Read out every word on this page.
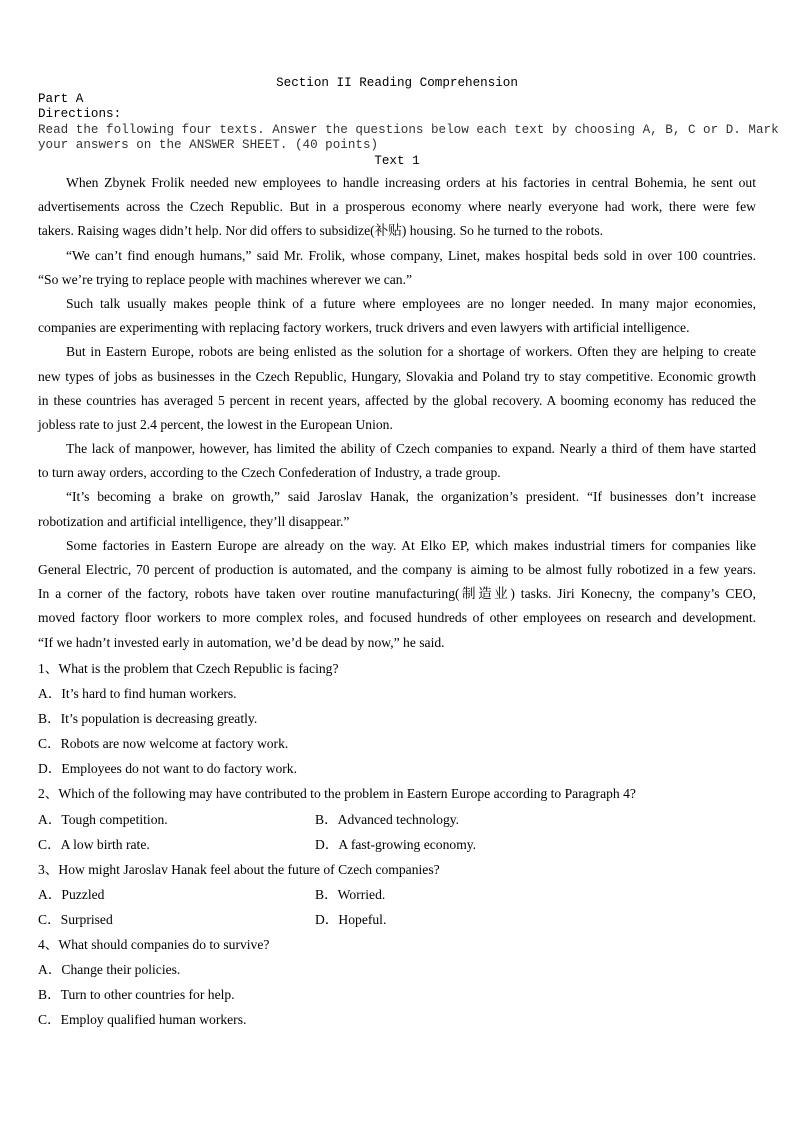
Section II Reading Comprehension
Part A
Directions:
Read the following four texts. Answer the questions below each text by choosing A, B, C or D. Mark
your answers on the ANSWER SHEET. (40 points)
Text 1
When Zbynek Frolik needed new employees to handle increasing orders at his factories in central Bohemia, he sent out
advertisements across the Czech Republic. But in a prosperous economy where nearly everyone had work, there were few
takers. Raising wages didn’t help. Nor did offers to subsidize(补贴) housing. So he turned to the robots.
“We can’t find enough humans,” said Mr. Frolik, whose company, Linet, makes hospital beds sold in over 100 countries.
“So we’re trying to replace people with machines wherever we can.”
Such talk usually makes people think of a future where employees are no longer needed. In many major economies,
companies are experimenting with replacing factory workers, truck drivers and even lawyers with artificial intelligence.
But in Eastern Europe, robots are being enlisted as the solution for a shortage of workers. Often they are helping to create
new types of jobs as businesses in the Czech Republic, Hungary, Slovakia and Poland try to stay competitive. Economic growth
in these countries has averaged 5 percent in recent years, affected by the global recovery. A booming economy has reduced the
jobless rate to just 2.4 percent, the lowest in the European Union.
The lack of manpower, however, has limited the ability of Czech companies to expand. Nearly a third of them have started
to turn away orders, according to the Czech Confederation of Industry, a trade group.
“It’s becoming a brake on growth,” said Jaroslav Hanak, the organization’s president. “If businesses don’t increase
robotization and artificial intelligence, they’ll disappear.”
Some factories in Eastern Europe are already on the way. At Elko EP, which makes industrial timers for companies like
General Electric, 70 percent of production is automated, and the company is aiming to be almost fully robotized in a few years.
In a corner of the factory, robots have taken over routine manufacturing(制造业) tasks. Jiri Konecny, the company’s CEO,
moved factory floor workers to more complex roles, and focused hundreds of other employees on research and development.
“If we hadn’t invested early in automation, we’d be dead by now,” he said.
1、What is the problem that Czech Republic is facing?
A．It’s hard to find human workers.
B．It’s population is decreasing greatly.
C．Robots are now welcome at factory work.
D．Employees do not want to do factory work.
2、Which of the following may have contributed to the problem in Eastern Europe according to Paragraph 4?
A．Tough competition.	B．Advanced technology.
C．A low birth rate.	D．A fast-growing economy.
3、How might Jaroslav Hanak feel about the future of Czech companies?
A．Puzzled	B．Worried.
C．Surprised	D．Hopeful.
4、What should companies do to survive?
A．Change their policies.
B．Turn to other countries for help.
C．Employ qualified human workers.
